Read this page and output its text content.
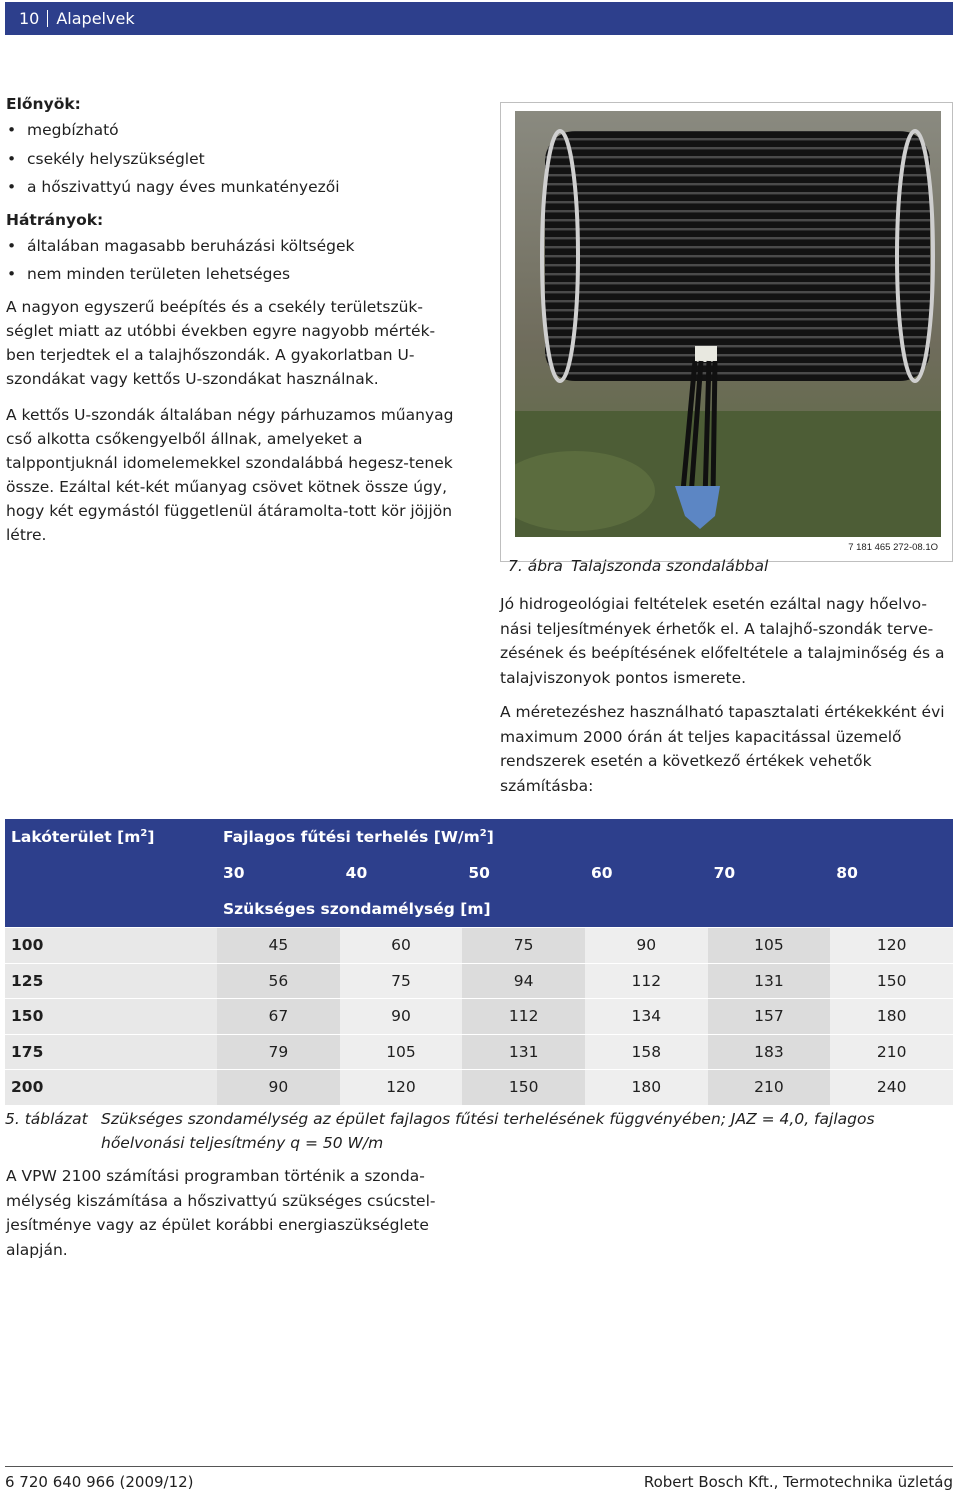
10 Alapelvek
Előnyök:
• megbízható
• csekély helyszükséglet
• a hőszivattyú nagy éves munkatényezői
Hátrányok:
• általában magasabb beruházási költségek
• nem minden területen lehetséges

A nagyon egyszerű beépítés és a csekély területszük-séglet miatt az utóbbi években egyre nagyobb mérték-ben terjedtek el a talajhőszondák. A gyakorlatban U-szondákat vagy kettős U-szondákat használnak.

A kettős U-szondák általában négy párhuzamos műanyag cső alkotta csőkengyelből állnak, amelyeket a talppontjuknál idomelemekkel szondalábbá hegesz-tenek össze. Ezáltal két-két műanyag csövet kötnek össze úgy, hogy két egymástól függetlenül átáramolta-tott kör jöjjön létre.

7 181 465 272-08.1O
7. ábra Talajszonda szondalábbal

Jó hidrogeológiai feltételek esetén ezáltal nagy hőelvo-nási teljesítmények érhetők el. A talajhő-szondák terve-zésének és beépítésének előfeltétele a talajminőség és a talajviszonyok pontos ismerete.

A méretezéshez használható tapasztalati értékekként évi maximum 2000 órán át teljes kapacitással üzemelő rendszerek esetén a következő értékek vehetők számításba:

Lakóterület $[m^2]$	Fajlagos fűtési terhelés $[W/m^2]$					
	30	40	50	60	70	80
	Szükséges szondamélység [m]					
100	45	60	75	90	105	120
125	56	75	94	112	131	150
150	67	90	112	134	157	180
175	79	105	131	158	183	210
200	90	120	150	180	210	240
5. táblázat Szükséges szondamélység az épület fajlagos fűtési terhelésének függvényében; JAZ = 4,0, fajlagos hőelvonási teljesítmény q = 50 W/m
A VPW 2100 számítási programban történik a szonda-mélység kiszámítása a hőszivattyú szükséges csúcstel-jesítménye vagy az épület korábbi energiaszükséglete alapján.
6 720 640 966 (2009/12)	Robert Bosch Kft., Termotechnika üzletág
